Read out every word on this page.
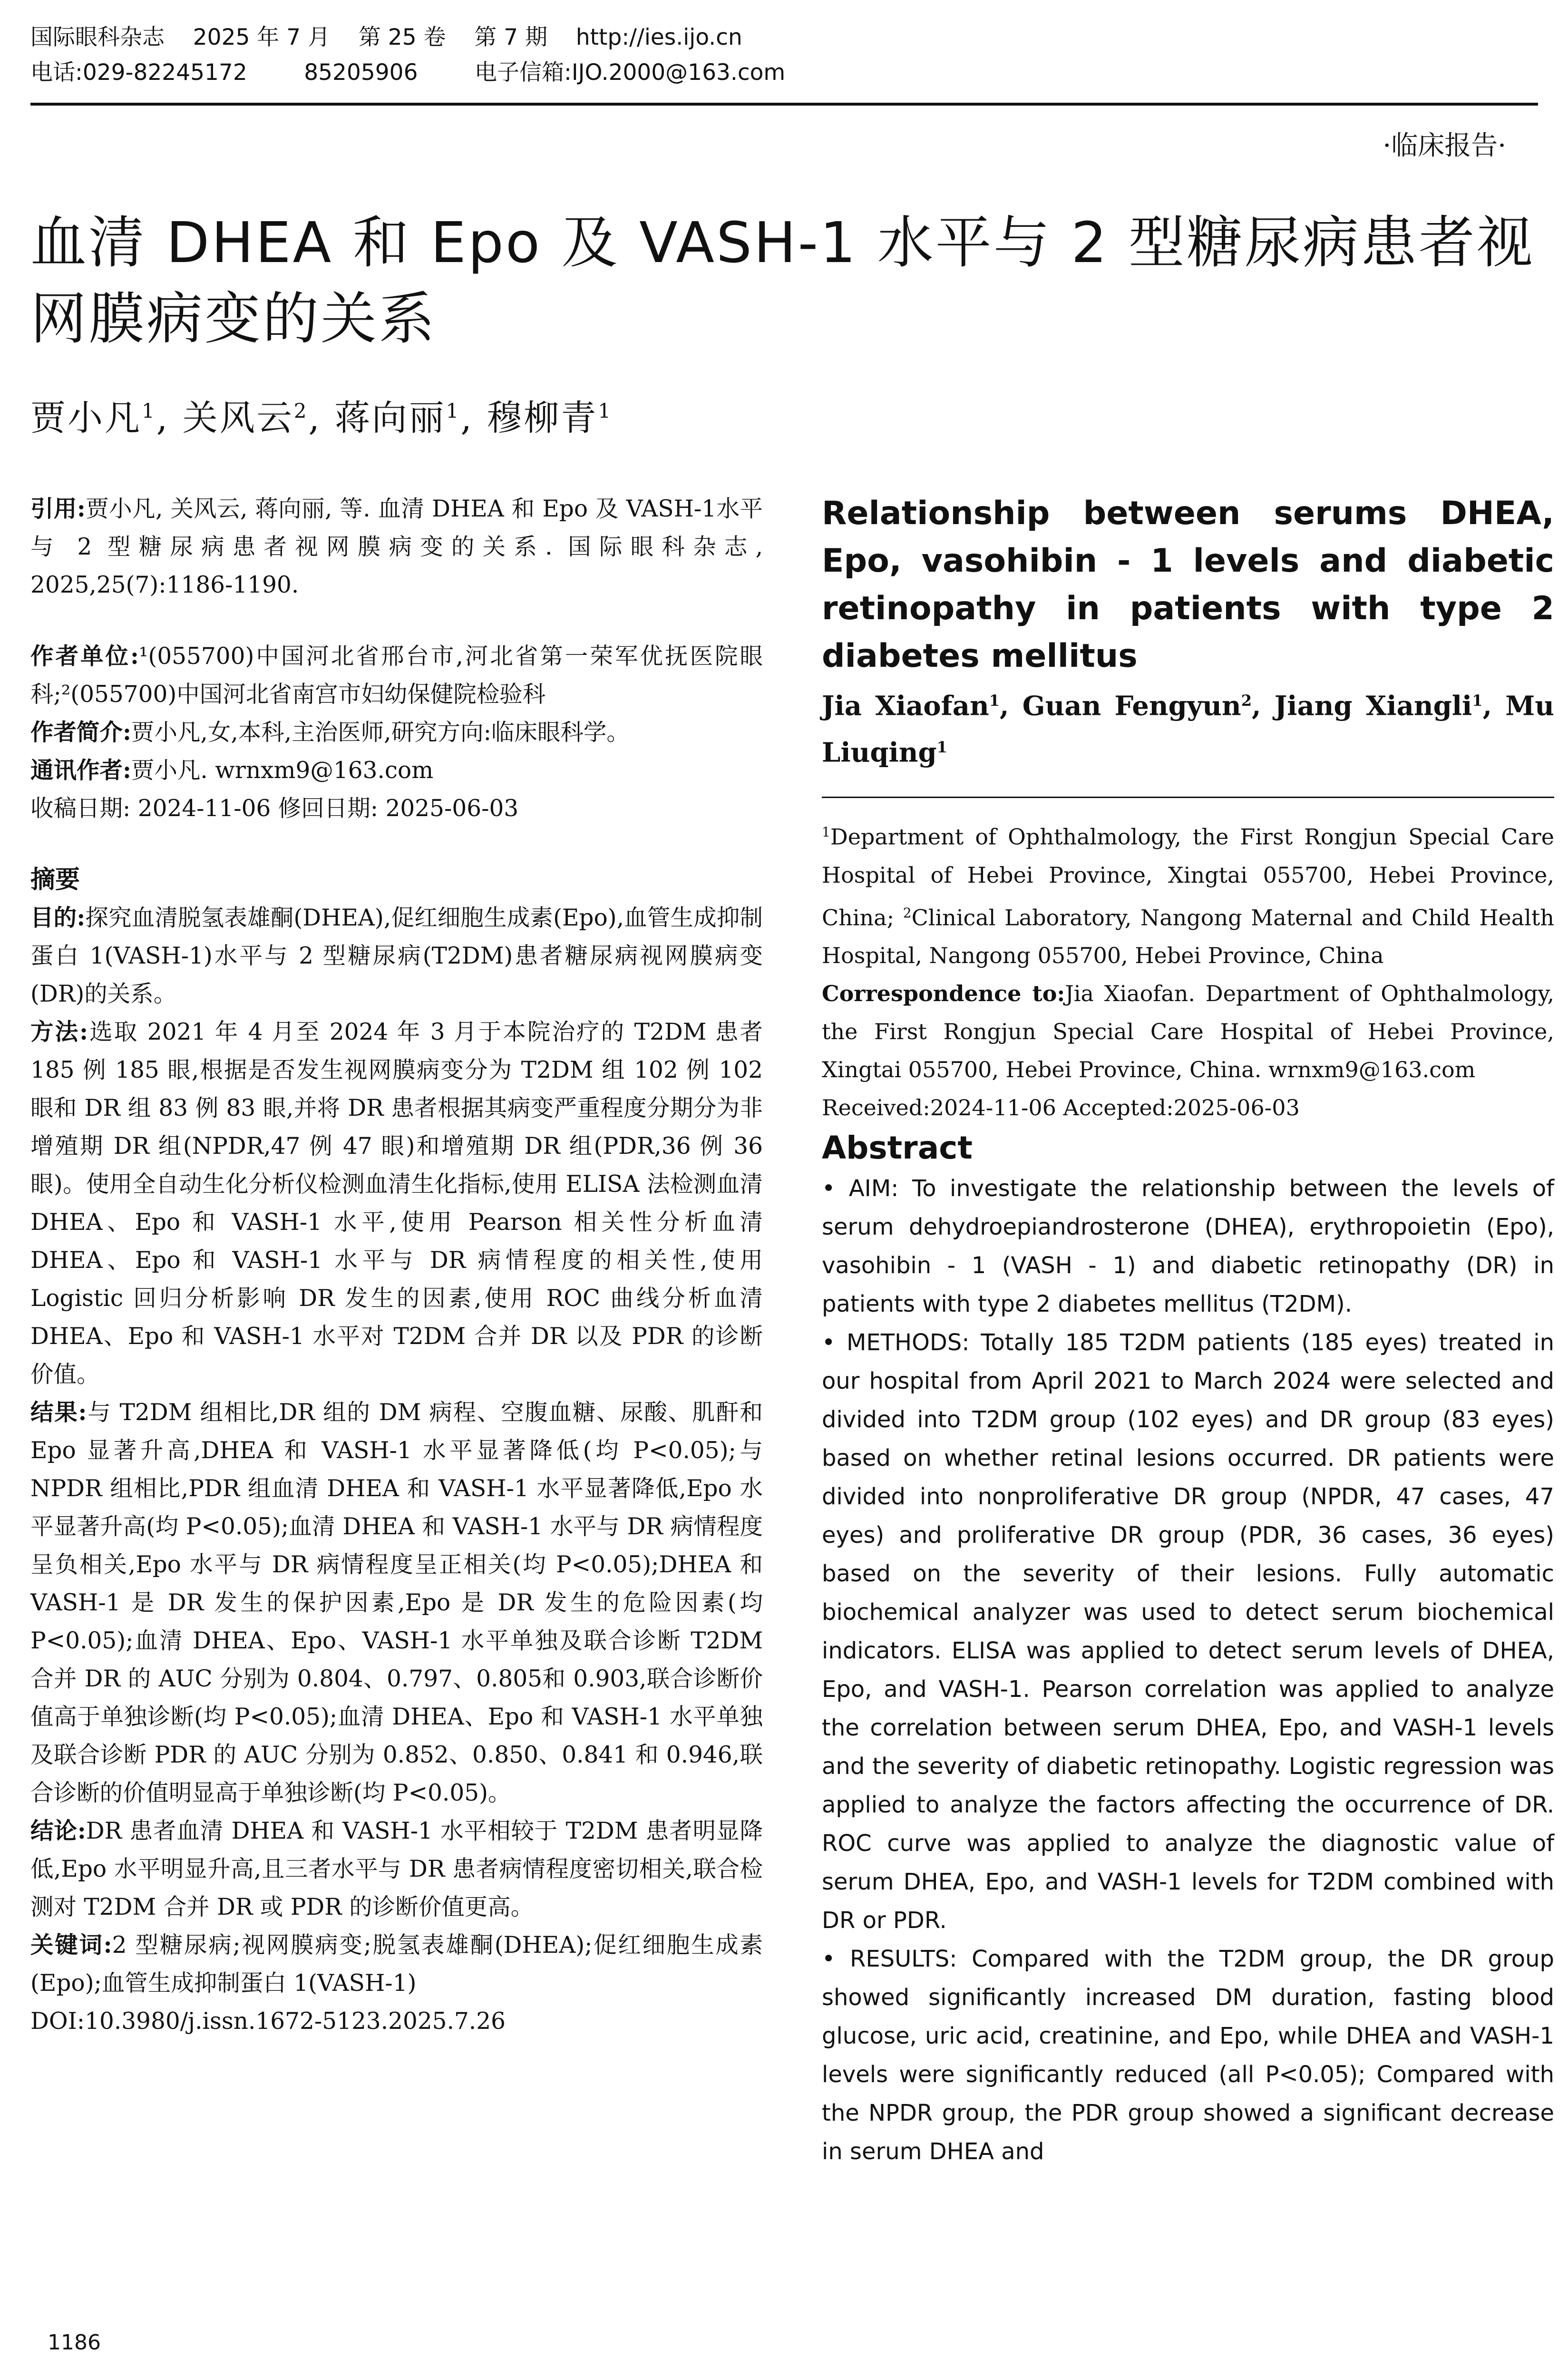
国际眼科杂志    2025 年 7 月    第 25 卷    第 7 期    http://ies.ijo.cn
电话:029-82245172        85205906        电子信箱:IJO.2000@163.com
·临床报告·
血清 DHEA 和 Epo 及 VASH-1 水平与 2 型糖尿病患者视网膜病变的关系
贾小凡$^1$, 关风云$^2$, 蒋向丽$^1$, 穆柳青$^1$

引用:贾小凡, 关风云, 蒋向丽, 等. 血清 DHEA 和 Epo 及 VASH-1水平与 2 型糖尿病患者视网膜病变的关系. 国际眼科杂志, 2025,25(7):1186-1190.

作者单位:¹(055700)中国河北省邢台市,河北省第一荣军优抚医院眼科;²(055700)中国河北省南宫市妇幼保健院检验科

作者简介:贾小凡,女,本科,主治医师,研究方向:临床眼科学。

通讯作者:贾小凡. wrnxm9@163.com

收稿日期: 2024-11-06 修回日期: 2025-06-03

摘要

目的:探究血清脱氢表雄酮(DHEA),促红细胞生成素(Epo),血管生成抑制蛋白 1(VASH-1)水平与 2 型糖尿病(T2DM)患者糖尿病视网膜病变(DR)的关系。

方法:选取 2021 年 4 月至 2024 年 3 月于本院治疗的 T2DM 患者 185 例 185 眼,根据是否发生视网膜病变分为 T2DM 组 102 例 102 眼和 DR 组 83 例 83 眼,并将 DR 患者根据其病变严重程度分期分为非增殖期 DR 组(NPDR,47 例 47 眼)和增殖期 DR 组(PDR,36 例 36 眼)。使用全自动生化分析仪检测血清生化指标,使用 ELISA 法检测血清 DHEA、Epo 和 VASH-1 水平,使用 Pearson 相关性分析血清 DHEA、Epo 和 VASH-1 水平与 DR 病情程度的相关性,使用 Logistic 回归分析影响 DR 发生的因素,使用 ROC 曲线分析血清 DHEA、Epo 和 VASH-1 水平对 T2DM 合并 DR 以及 PDR 的诊断价值。

结果:与 T2DM 组相比,DR 组的 DM 病程、空腹血糖、尿酸、肌酐和 Epo 显著升高,DHEA 和 VASH-1 水平显著降低(均 P<0.05);与 NPDR 组相比,PDR 组血清 DHEA 和 VASH-1 水平显著降低,Epo 水平显著升高(均 P<0.05);血清 DHEA 和 VASH-1 水平与 DR 病情程度呈负相关,Epo 水平与 DR 病情程度呈正相关(均 P<0.05);DHEA 和 VASH-1 是 DR 发生的保护因素,Epo 是 DR 发生的危险因素(均 P<0.05);血清 DHEA、Epo、VASH-1 水平单独及联合诊断 T2DM 合并 DR 的 AUC 分别为 0.804、0.797、0.805和 0.903,联合诊断价值高于单独诊断(均 P<0.05);血清 DHEA、Epo 和 VASH-1 水平单独及联合诊断 PDR 的 AUC 分别为 0.852、0.850、0.841 和 0.946,联合诊断的价值明显高于单独诊断(均 P<0.05)。

结论:DR 患者血清 DHEA 和 VASH-1 水平相较于 T2DM 患者明显降低,Epo 水平明显升高,且三者水平与 DR 患者病情程度密切相关,联合检测对 T2DM 合并 DR 或 PDR 的诊断价值更高。

关键词:2 型糖尿病;视网膜病变;脱氢表雄酮(DHEA);促红细胞生成素(Epo);血管生成抑制蛋白 1(VASH-1)

DOI:10.3980/j.issn.1672-5123.2025.7.26

Relationship between serums DHEA, Epo, vasohibin - 1 levels and diabetic retinopathy in patients with type 2 diabetes mellitus

Jia Xiaofan$^1$, Guan Fengyun$^2$, Jiang Xiangli$^1$, Mu Liuqing$^1$

$^1$Department of Ophthalmology, the First Rongjun Special Care Hospital of Hebei Province, Xingtai 055700, Hebei Province, China; $^2$Clinical Laboratory, Nangong Maternal and Child Health Hospital, Nangong 055700, Hebei Province, China

Correspondence to:Jia Xiaofan. Department of Ophthalmology, the First Rongjun Special Care Hospital of Hebei Province, Xingtai 055700, Hebei Province, China. wrnxm9@163.com

Received:2024-11-06 Accepted:2025-06-03

Abstract

• AIM: To investigate the relationship between the levels of serum dehydroepiandrosterone (DHEA), erythropoietin (Epo), vasohibin - 1 (VASH - 1) and diabetic retinopathy (DR) in patients with type 2 diabetes mellitus (T2DM).

• METHODS: Totally 185 T2DM patients (185 eyes) treated in our hospital from April 2021 to March 2024 were selected and divided into T2DM group (102 eyes) and DR group (83 eyes) based on whether retinal lesions occurred. DR patients were divided into nonproliferative DR group (NPDR, 47 cases, 47 eyes) and proliferative DR group (PDR, 36 cases, 36 eyes) based on the severity of their lesions. Fully automatic biochemical analyzer was used to detect serum biochemical indicators. ELISA was applied to detect serum levels of DHEA, Epo, and VASH-1. Pearson correlation was applied to analyze the correlation between serum DHEA, Epo, and VASH-1 levels and the severity of diabetic retinopathy. Logistic regression was applied to analyze the factors affecting the occurrence of DR. ROC curve was applied to analyze the diagnostic value of serum DHEA, Epo, and VASH-1 levels for T2DM combined with DR or PDR.

• RESULTS: Compared with the T2DM group, the DR group showed significantly increased DM duration, fasting blood glucose, uric acid, creatinine, and Epo, while DHEA and VASH-1 levels were significantly reduced (all P<0.05); Compared with the NPDR group, the PDR group showed a significant decrease in serum DHEA and

1186
